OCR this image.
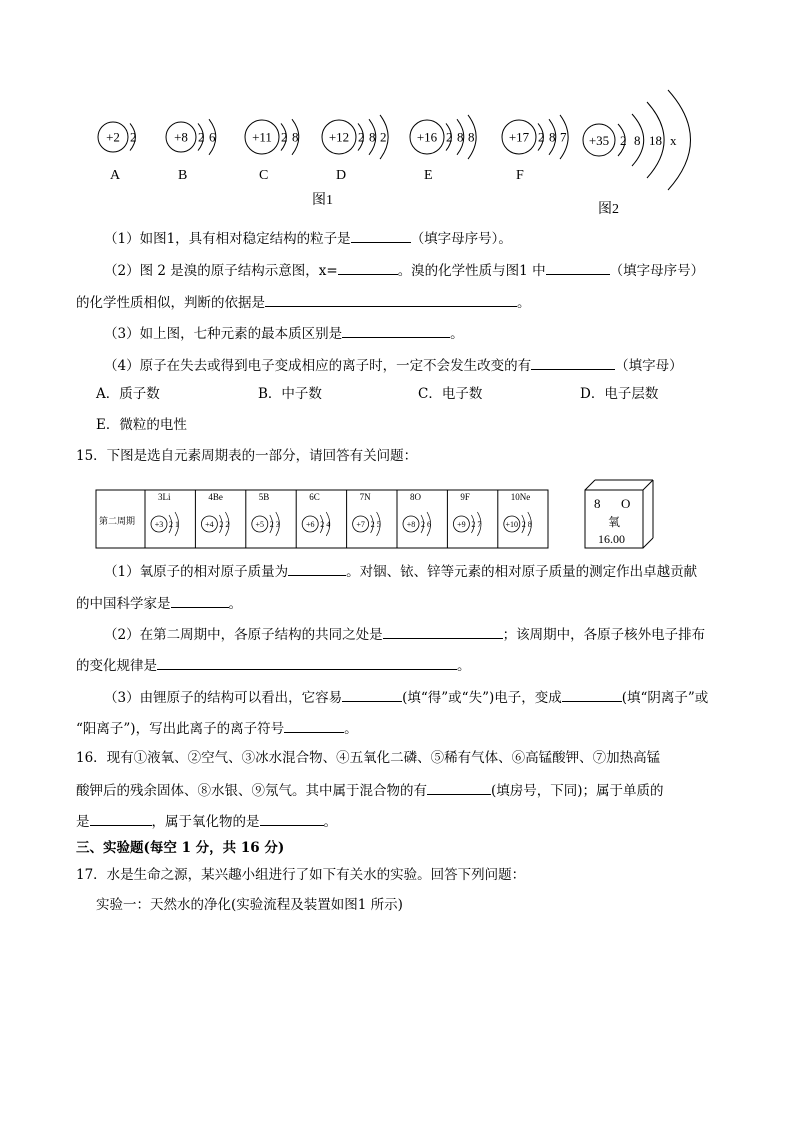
+2 2
A
+8 2 6
B
+11 2 8
C
+12 2 8 2
D
+16 2 8 8
E
+17 2 8 7
F
图1
+35 2 8 18 x
图2
（1）如图1，具有相对稳定结构的粒子是	（填字母序号）。
（2）图 2 是溴的原子结构示意图，x=	。溴的化学性质与图1 中	（填字母序号）
的化学性质相似，判断的依据是	。
（3）如上图，七种元素的最本质区别是	。
（4）原子在失去或得到电子变成相应的离子时，一定不会发生改变的有	（填字母）
A．质子数	B．中子数	C．电子数	D．电子层数
E．微粒的电性
15．下图是选自元素周期表的一部分，请回答有关问题：
第二周期
3Li
+3 2 1
4Be
+4 2 2
5B
+5 2 3
6C
+6 2 4
7N
+7 2 5
8O
+8 2 6
9F
+9 2 7
10Ne
+10 2 8
8 O
氧
16.00
（1）氧原子的相对原子质量为	。对铟、铱、锌等元素的相对原子质量的测定作出卓越贡献
的中国科学家是	。
（2）在第二周期中，各原子结构的共同之处是	；该周期中，各原子核外电子排布
的变化规律是	。
（3）由锂原子的结构可以看出，它容易	(填“得”或“失”)电子，变成	(填“阴离子”或
“阳离子”)，写出此离子的离子符号	。
16．现有①液氧、②空气、③冰水混合物、④五氧化二磷、⑤稀有气体、⑥高锰酸钾、⑦加热高锰
酸钾后的残余固体、⑧水银、⑨氖气。其中属于混合物的有	(填房号，下同)；属于单质的
是	，属于氧化物的是	。
三、实验题(每空 1 分，共 16 分)
17．水是生命之源，某兴趣小组进行了如下有关水的实验。回答下列问题：
实验一：天然水的净化(实验流程及装置如图1 所示)
